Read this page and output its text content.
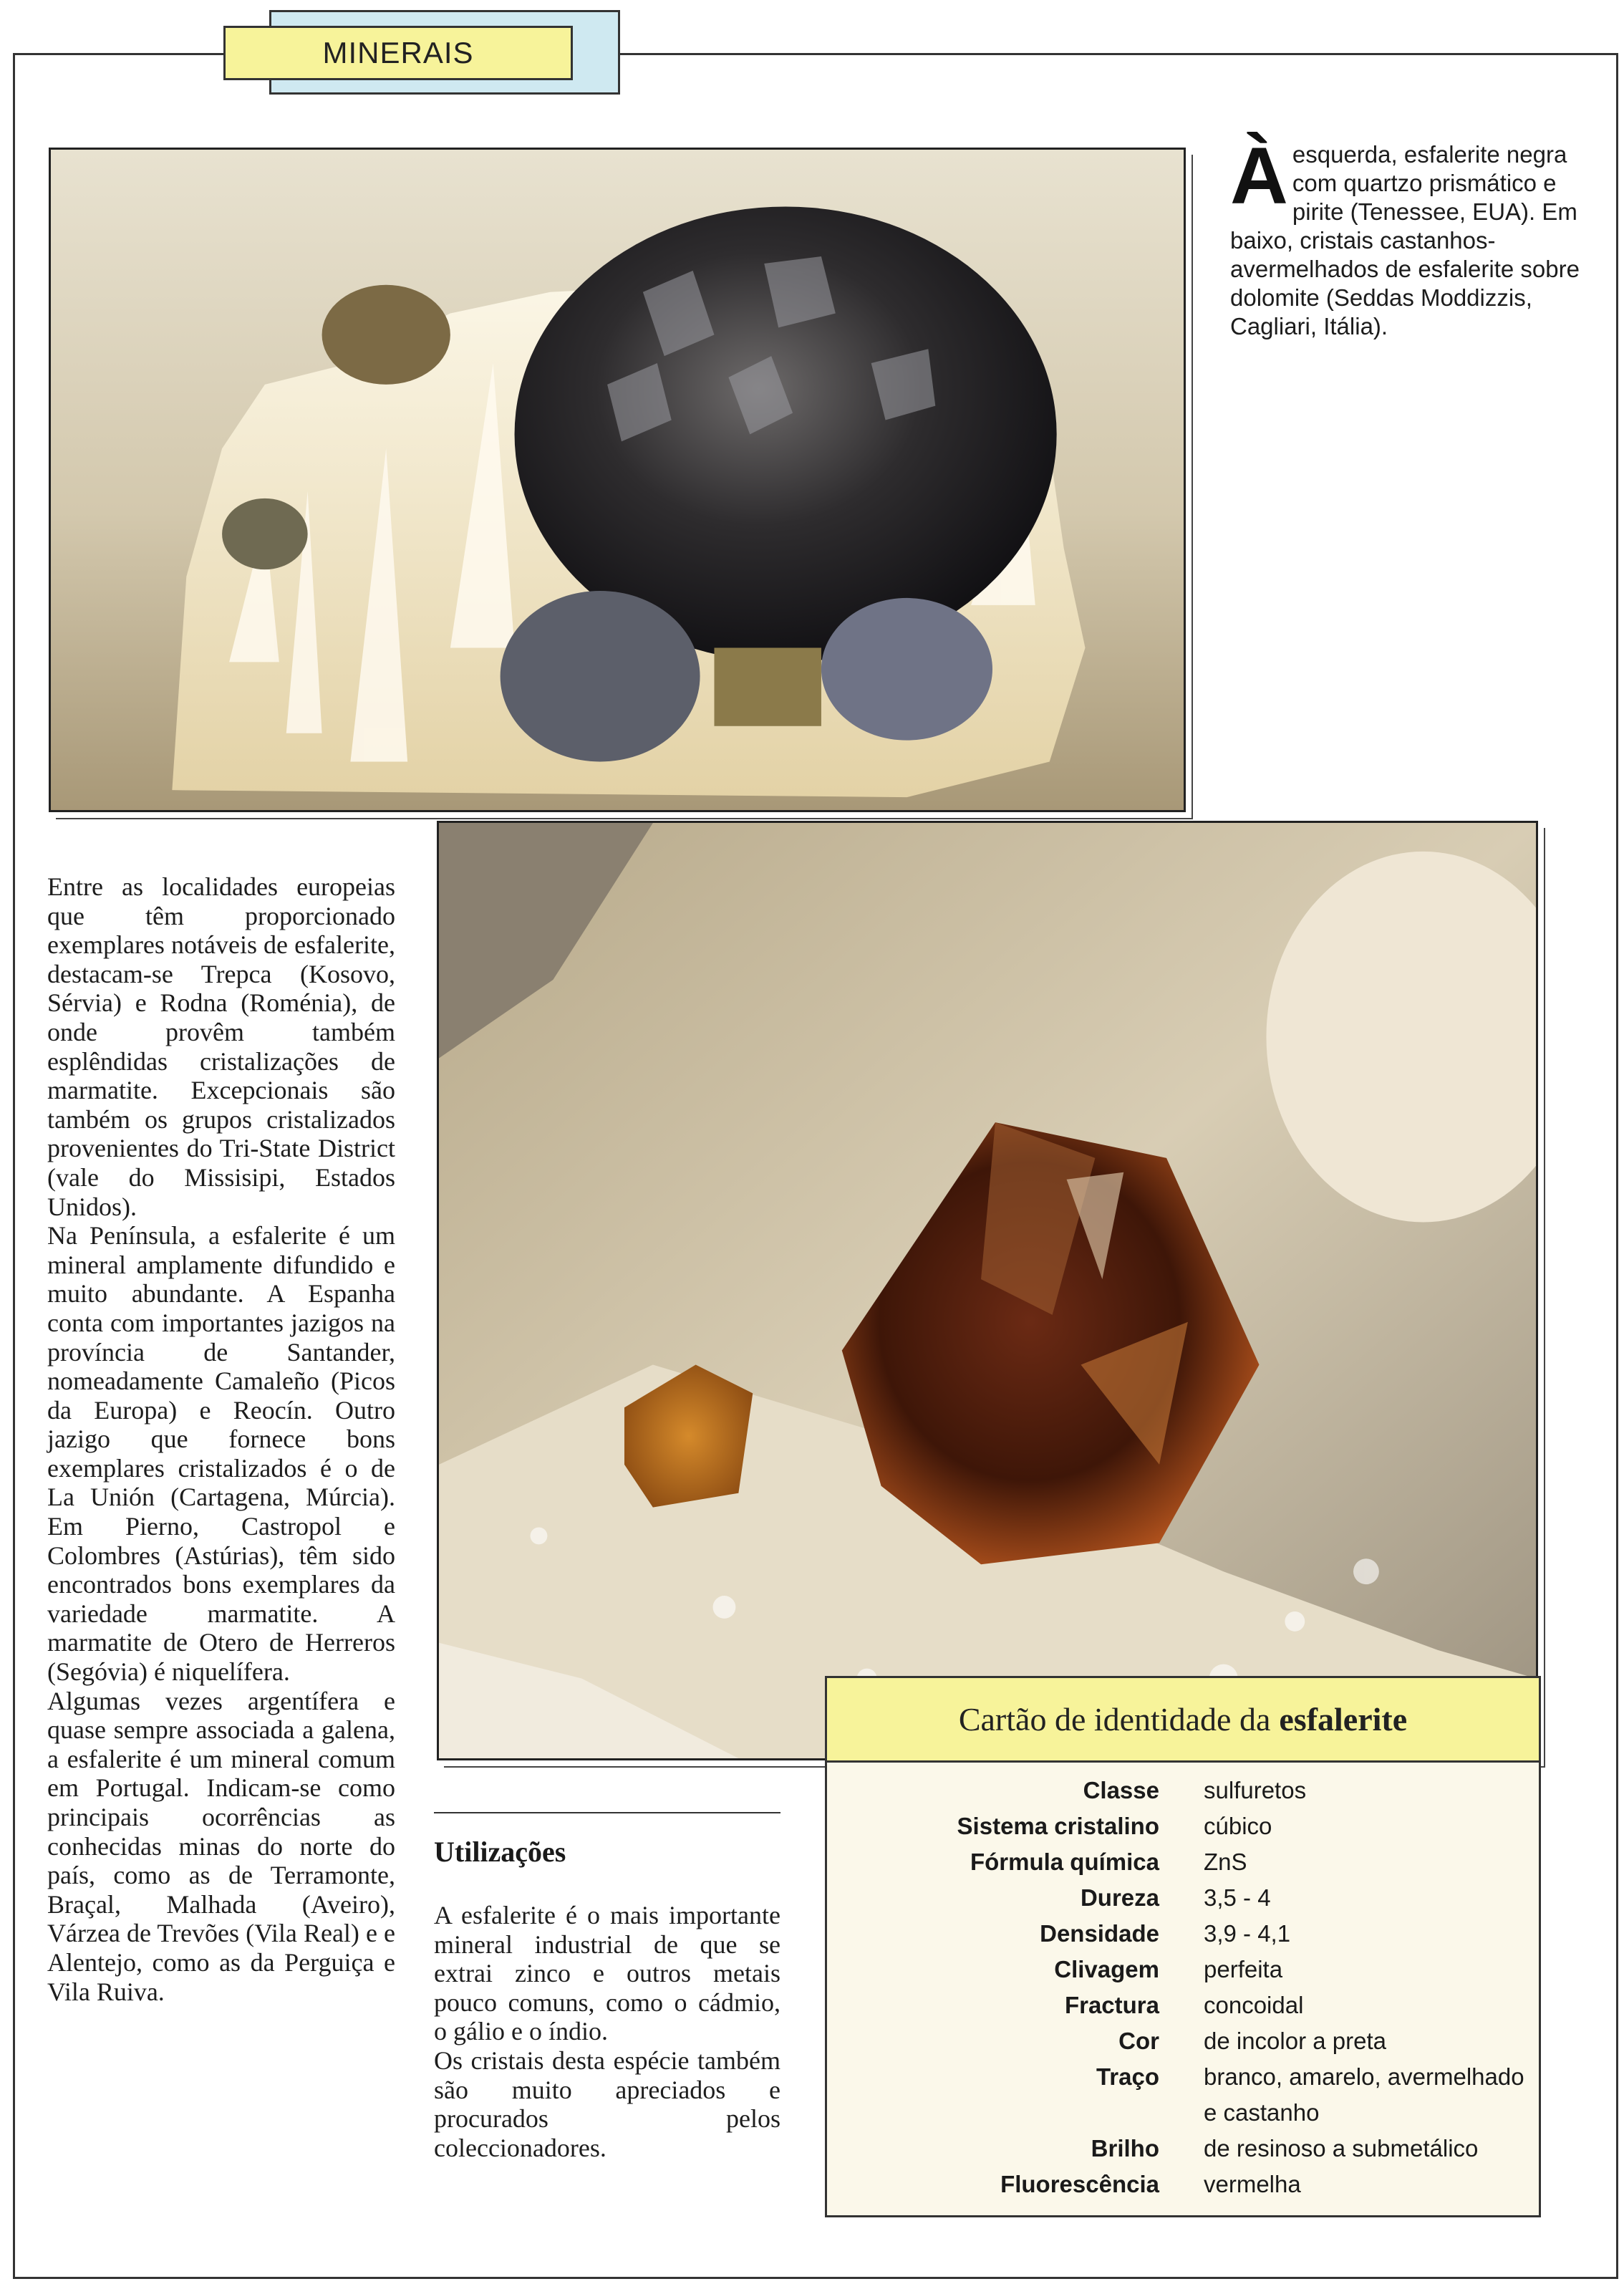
MINERAIS
À esquerda, esfalerite negra com quartzo prismático e pirite (Tenessee, EUA). Em baixo, cristais castanhos-avermelhados de esfalerite sobre dolomite (Seddas Moddizzis, Cagliari, Itália).

Entre as localidades europeias que têm proporcionado exemplares notáveis de esfalerite, destacam-se Trepca (Kosovo, Sérvia) e Rodna (Roménia), de onde provêm também esplêndidas cristalizações de marmatite. Excepcionais são também os grupos cristalizados provenientes do Tri-State District (vale do Missisipi, Estados Unidos).

Na Península, a esfalerite é um mineral amplamente difundido e muito abundante. A Espanha conta com importantes jazigos na província de Santander, nomeadamente Camaleño (Picos da Europa) e Reocín. Outro jazigo que fornece bons exemplares cristalizados é o de La Unión (Cartagena, Múrcia). Em Pierno, Castropol e Colombres (Astúrias), têm sido encontrados bons exemplares da variedade marmatite. A marmatite de Otero de Herreros (Segóvia) é niquelífera.

Algumas vezes argentífera e quase sempre associada a galena, a esfalerite é um mineral comum em Portugal. Indicam-se como principais ocorrências as conhecidas minas do norte do país, como as de Terramonte, Braçal, Malhada (Aveiro), Várzea de Trevões (Vila Real) e e Alentejo, como as da Perguiça e Vila Ruiva.

Utilizações

A esfalerite é o mais importante mineral industrial de que se extrai zinco e outros metais pouco comuns, como o cádmio, o gálio e o índio.

Os cristais desta espécie também são muito apreciados e procurados pelos coleccionadores.

Cartão de identidade da esfalerite
Classe sulfuretos
Sistema cristalino cúbico
Fórmula química ZnS
Dureza 3,5 - 4
Densidade 3,9 - 4,1
Clivagem perfeita
Fractura concoidal
Cor de incolor a preta
Traço branco, amarelo, avermelhado
e castanho
Brilho de resinoso a submetálico
Fluorescência vermelha
